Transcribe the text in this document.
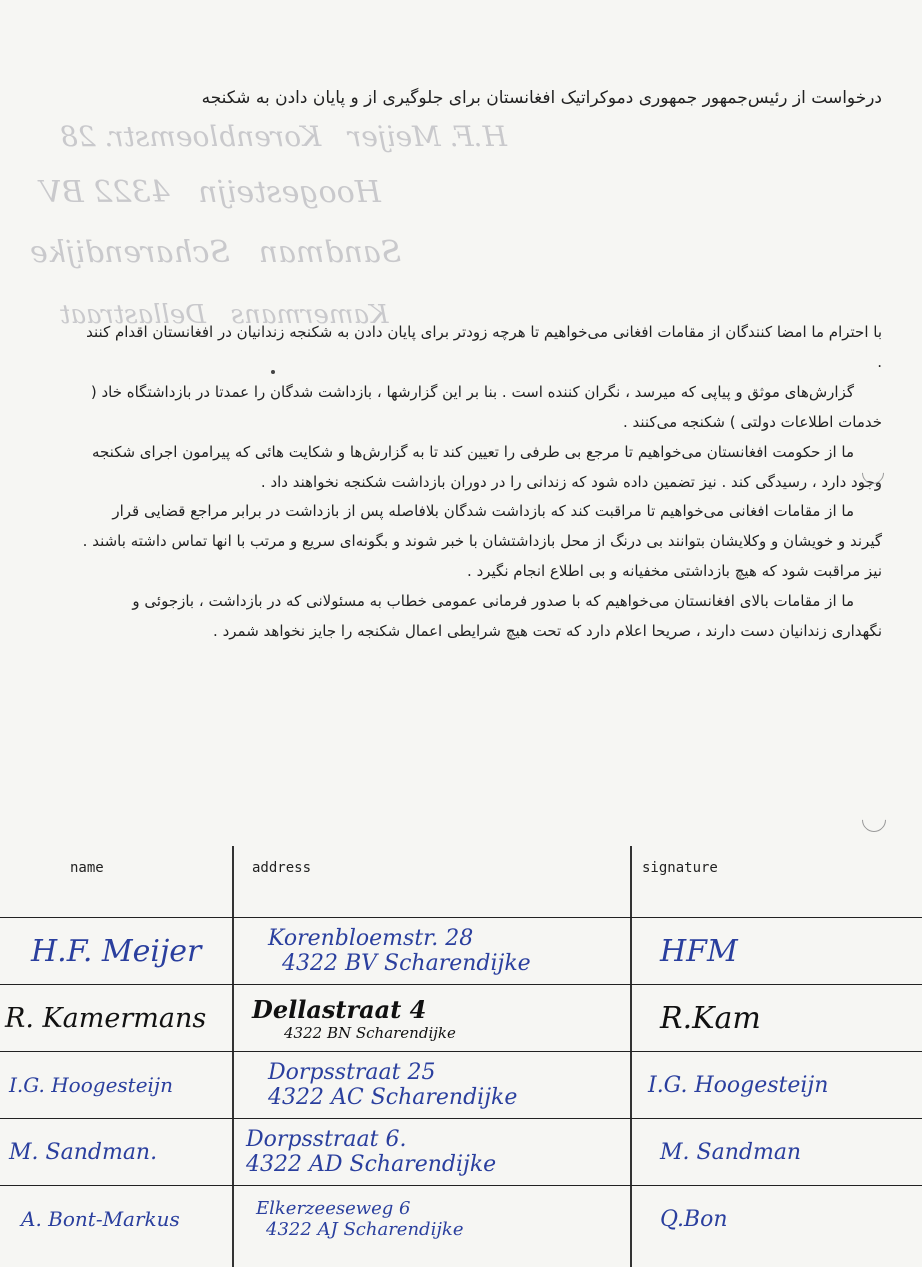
H.F. Meijer   Korenbloemstr. 28
Hoogesteijn   4322 BV
Sandman   Scharendijke
Kamermans   Dellastraat
درخواست از رئیس‌جمهور جمهوری دموکراتیک افغانستان برای جلوگیری از و پایان دادن به شکنجه

با احترام ما امضا کنندگان از مقامات افغانی می‌خواهیم تا هرچه زودتر برای پایان دادن به شکنجه زندانیان در افغانستان اقدام کنند .

گزارش‌های موثق و پیاپی که میرسد ، نگران کننده است . بنا بر این گزارشها ، بازداشت شدگان را عمدتا در بازداشتگاه خاد ( خدمات اطلاعات دولتی ) شکنجه می‌کنند .

ما از حکومت افغانستان می‌خواهیم تا مرجع بی طرفی را تعیین کند تا به گزارش‌ها و شکایت هائی که پیرامون اجرای شکنجه وجود دارد ، رسیدگی کند . نیز تضمین داده شود که زندانی را در دوران بازداشت شکنجه نخواهند داد .

ما از مقامات افغانی می‌خواهیم تا مراقبت کند که بازداشت شدگان بلافاصله پس از بازداشت در برابر مراجع قضایی قرار گیرند و خویشان و وکلایشان بتوانند بی درنگ از محل بازداشتشان با خبر شوند و بگونه‌ای سریع و مرتب با انها تماس داشته باشند . نیز مراقبت شود که هیچ بازداشتی مخفیانه و بی اطلاع انجام نگیرد .

ما از مقامات بالای افغانستان می‌خواهیم که با صدور فرمانی عمومی خطاب به مسئولانی که در بازداشت ، بازجوئی و نگهداری زندانیان دست دارند ، صریحا اعلام دارد که تحت هیچ شرایطی اعمال شکنجه را جایز نخواهد شمرد .

name	address	signature

H.F. Meijer	Korenbloemstr. 28
4322 BV Scharendijke	HFM

R. Kamermans	Dellastraat 4
4322 BN Scharendijke	R.Kam

I.G. Hoogesteijn	Dorpsstraat 25
4322 AC Scharendijke	I.G. Hoogesteijn

M. Sandman.	Dorpsstraat 6.
4322 AD Scharendijke	M. Sandman

A. Bont-Markus	Elkerzeeseweg 6
4322 AJ Scharendijke	Q.Bon
